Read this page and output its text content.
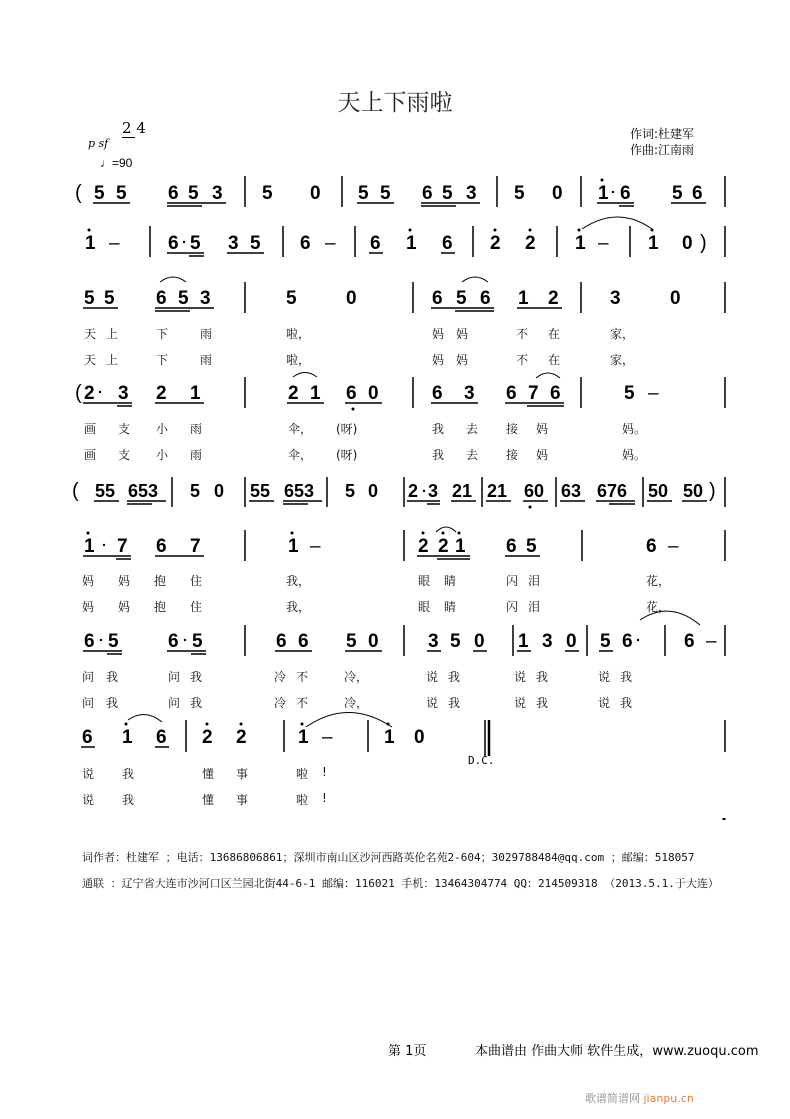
天上下雨啦
作词:杜建军
作曲:江南雨
2 4
p sf
♩=90
( 5 5 6 5 3 5 0 5 5 6 5 3 5 0 1 6 5 6
1 –	6 5 3 5 6 – 6 1 6 2 2 1 – 1 0 )
5 5 6 5 3	5	0	6 5 6 1 2	3	0
( 2 3 2 1	2 1 6 0	6 3 6 7 6	5 –
( 55 653 5 0 55 653 5 0 2 3 21 21 60 63 676 50 50 )
1 7 6 7	1 –	2 2 1 6 5	6 –
6 5	6 5	6 6 5 0	3 5 0 1 3 0 5 6	6 –
6 1 6 2 2	1 –	1 0
D.C.
天 上	下	雨	啦，	妈 妈	不 在	家，
天 上	下	雨	啦，	妈 妈	不 在	家，
画 支 小 雨	伞， (呀)	我 去 接 妈	妈。
画 支 小 雨	伞， (呀)	我 去 接 妈	妈。
妈 妈 抱 住	我，	眼 睛	闪 泪	花，
妈 妈 抱 住	我，	眼 睛	闪 泪	花，
问 我	问 我	冷 不	冷，	说 我	说 我	说 我
问 我	问 我	冷 不	冷，	说 我	说 我	说 我
说 我	懂 事	啦 !
说 我	懂 事	啦 !
词作者：杜建军 ；电话：13686806861；深圳市南山区沙河西路英伦名苑2-604；3029788484@qq.com ；邮编：518057
通联 ：辽宁省大连市沙河口区兰园北街44-6-1 邮编：116021 手机：13464304774 QQ：214509318 （2013.5.1.于大连）
第 1页	本曲谱由 作曲大师 软件生成，www.zuoqu.com
歌谱简谱网 jianpu.cn
